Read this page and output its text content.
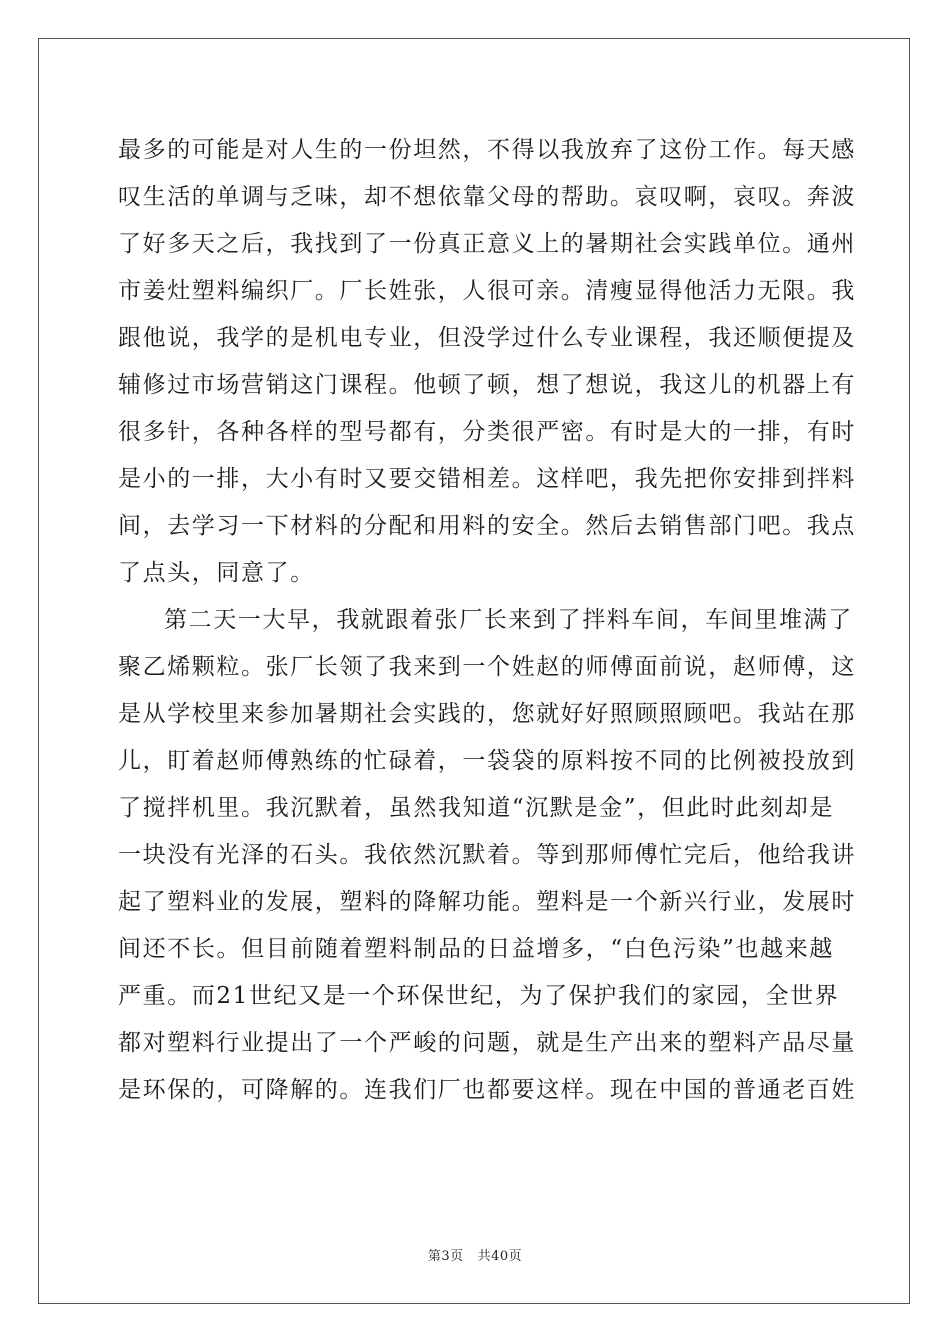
最多的可能是对人生的一份坦然，不得以我放弃了这份工作。每天感
叹生活的单调与乏味，却不想依靠父母的帮助。哀叹啊，哀叹。奔波
了好多天之后，我找到了一份真正意义上的暑期社会实践单位。通州
市姜灶塑料编织厂。厂长姓张，人很可亲。清瘦显得他活力无限。我
跟他说，我学的是机电专业，但没学过什么专业课程，我还顺便提及
辅修过市场营销这门课程。他顿了顿，想了想说，我这儿的机器上有
很多针，各种各样的型号都有，分类很严密。有时是大的一排，有时
是小的一排，大小有时又要交错相差。这样吧，我先把你安排到拌料
间，去学习一下材料的分配和用料的安全。然后去销售部门吧。我点
了点头，同意了。
第二天一大早，我就跟着张厂长来到了拌料车间，车间里堆满了
聚乙烯颗粒。张厂长领了我来到一个姓赵的师傅面前说，赵师傅，这
是从学校里来参加暑期社会实践的，您就好好照顾照顾吧。我站在那
儿，盯着赵师傅熟练的忙碌着，一袋袋的原料按不同的比例被投放到
了搅拌机里。我沉默着，虽然我知道“沉默是金”，但此时此刻却是
一块没有光泽的石头。我依然沉默着。等到那师傅忙完后，他给我讲
起了塑料业的发展，塑料的降解功能。塑料是一个新兴行业，发展时
间还不长。但目前随着塑料制品的日益增多，“白色污染”也越来越
严重。而21世纪又是一个环保世纪，为了保护我们的家园，全世界
都对塑料行业提出了一个严峻的问题，就是生产出来的塑料产品尽量
是环保的，可降解的。连我们厂也都要这样。现在中国的普通老百姓
第3页 共40页
